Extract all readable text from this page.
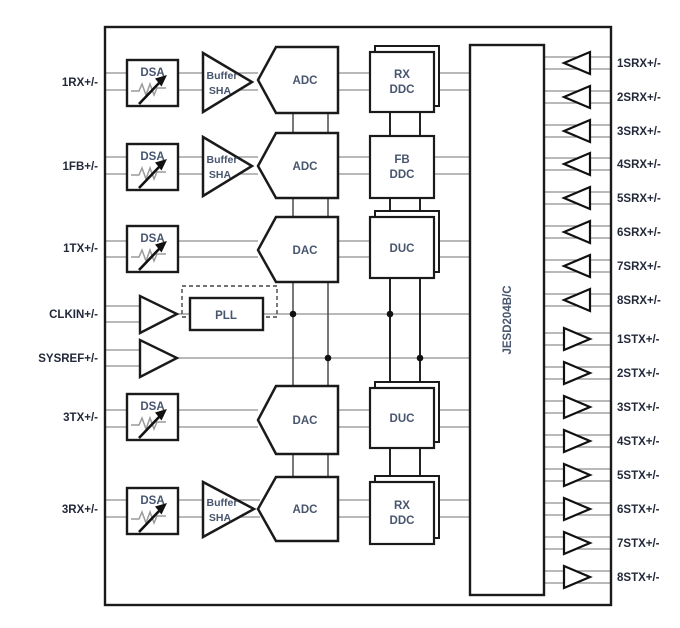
DSA
DSA
DSA
DSA
DSA
Buffer
SHA
Buffer
SHA
Buffer
SHA
ADC
ADC
DAC
DAC
ADC
RX
DDC
FB
DDC
DUC
DUC
RX
DDC
PLL	JESD204B/C
1RX+/-
1FB+/-
1TX+/-
CLKIN+/-
SYSREF+/-
3TX+/-
3RX+/-
1SRX+/-
2SRX+/-
3SRX+/-
4SRX+/-
5SRX+/-
6SRX+/-
7SRX+/-
8SRX+/-
1STX+/-
2STX+/-
3STX+/-
4STX+/-
5STX+/-
6STX+/-
7STX+/-
8STX+/-
